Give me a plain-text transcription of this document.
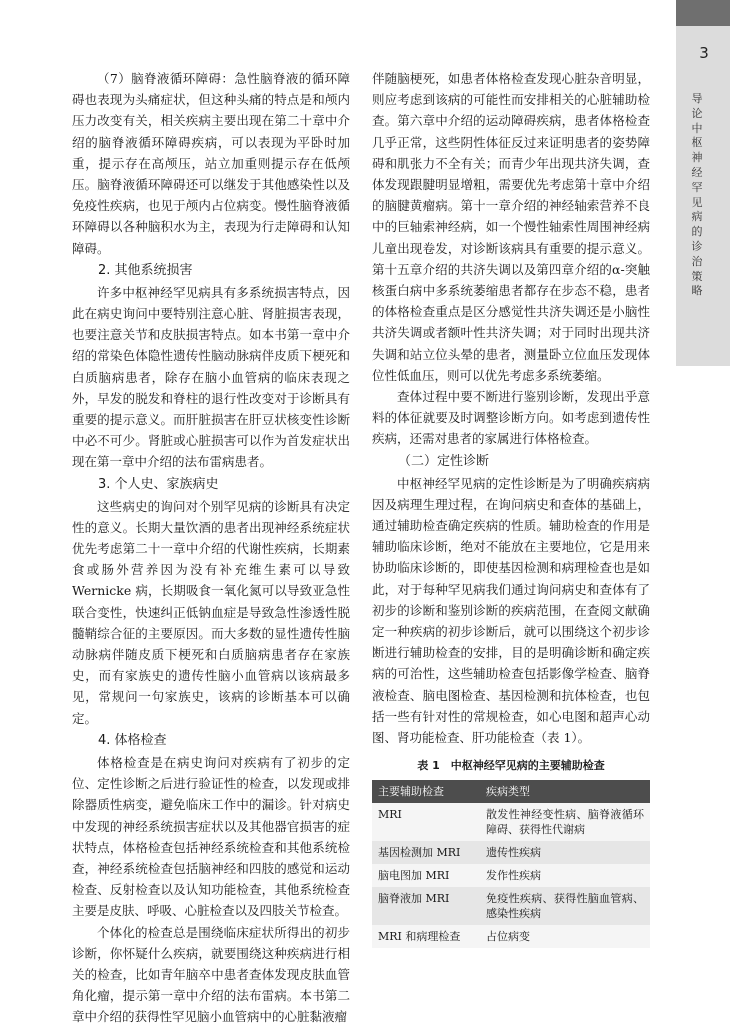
3
导论 中枢神经罕见病的诊治策略

（7）脑脊液循环障碍：急性脑脊液的循环障碍也表现为头痛症状，但这种头痛的特点是和颅内压力改变有关，相关疾病主要出现在第二十章中介绍的脑脊液循环障碍疾病，可以表现为平卧时加重，提示存在高颅压，站立加重则提示存在低颅压。脑脊液循环障碍还可以继发于其他感染性以及免疫性疾病，也见于颅内占位病变。慢性脑脊液循环障碍以各种脑积水为主，表现为行走障碍和认知障碍。

2. 其他系统损害

许多中枢神经罕见病具有多系统损害特点，因此在病史询问中要特别注意心脏、肾脏损害表现，也要注意关节和皮肤损害特点。如本书第一章中介绍的常染色体隐性遗传性脑动脉病伴皮质下梗死和白质脑病患者，除存在脑小血管病的临床表现之外，早发的脱发和脊柱的退行性改变对于诊断具有重要的提示意义。而肝脏损害在肝豆状核变性诊断中必不可少。肾脏或心脏损害可以作为首发症状出现在第一章中介绍的法布雷病患者。

3. 个人史、家族病史

这些病史的询问对个别罕见病的诊断具有决定性的意义。长期大量饮酒的患者出现神经系统症状优先考虑第二十一章中介绍的代谢性疾病，长期素食或肠外营养因为没有补充维生素可以导致 Wernicke 病，长期吸食一氧化氮可以导致亚急性联合变性，快速纠正低钠血症是导致急性渗透性脱髓鞘综合征的主要原因。而大多数的显性遗传性脑动脉病伴随皮质下梗死和白质脑病患者存在家族史，而有家族史的遗传性脑小血管病以该病最多见，常规问一句家族史，该病的诊断基本可以确定。

4. 体格检查

体格检查是在病史询问对疾病有了初步的定位、定性诊断之后进行验证性的检查，以发现或排除器质性病变，避免临床工作中的漏诊。针对病史中发现的神经系统损害症状以及其他器官损害的症状特点，体格检查包括神经系统检查和其他系统检查，神经系统检查包括脑神经和四肢的感觉和运动检查、反射检查以及认知功能检查，其他系统检查主要是皮肤、呼吸、心脏检查以及四肢关节检查。

个体化的检查总是围绕临床症状所得出的初步诊断，你怀疑什么疾病，就要围绕这种疾病进行相关的检查，比如青年脑卒中患者查体发现皮肤血管角化瘤，提示第一章中介绍的法布雷病。本书第二章中介绍的获得性罕见脑小血管病中的心脏黏液瘤

伴随脑梗死，如患者体格检查发现心脏杂音明显，则应考虑到该病的可能性而安排相关的心脏辅助检查。第六章中介绍的运动障碍疾病，患者体格检查几乎正常，这些阴性体征反过来证明患者的姿势障碍和肌张力不全有关；而青少年出现共济失调，查体发现跟腱明显增粗，需要优先考虑第十章中介绍的脑腱黄瘤病。第十一章介绍的神经轴索营养不良中的巨轴索神经病，如一个慢性轴索性周围神经病儿童出现卷发，对诊断该病具有重要的提示意义。第十五章介绍的共济失调以及第四章介绍的α-突触核蛋白病中多系统萎缩患者都存在步态不稳，患者的体格检查重点是区分感觉性共济失调还是小脑性共济失调或者额叶性共济失调；对于同时出现共济失调和站立位头晕的患者，测量卧立位血压发现体位性低血压，则可以优先考虑多系统萎缩。

查体过程中要不断进行鉴别诊断，发现出乎意料的体征就要及时调整诊断方向。如考虑到遗传性疾病，还需对患者的家属进行体格检查。

（二）定性诊断

中枢神经罕见病的定性诊断是为了明确疾病病因及病理生理过程，在询问病史和查体的基础上，通过辅助检查确定疾病的性质。辅助检查的作用是辅助临床诊断，绝对不能放在主要地位，它是用来协助临床诊断的，即使基因检测和病理检查也是如此，对于每种罕见病我们通过询问病史和查体有了初步的诊断和鉴别诊断的疾病范围，在查阅文献确定一种疾病的初步诊断后，就可以围绕这个初步诊断进行辅助检查的安排，目的是明确诊断和确定疾病的可治性，这些辅助检查包括影像学检查、脑脊液检查、脑电图检查、基因检测和抗体检查，也包括一些有针对性的常规检查，如心电图和超声心动图、肾功能检查、肝功能检查（表 1）。

表 1　中枢神经罕见病的主要辅助检查
主要辅助检查	疾病类型
MRI	散发性神经变性病、脑脊液循环障碍、获得性代谢病
基因检测加 MRI	遗传性疾病
脑电图加 MRI	发作性疾病
脑脊液加 MRI	免疫性疾病、获得性脑血管病、感染性疾病
MRI 和病理检查	占位病变
